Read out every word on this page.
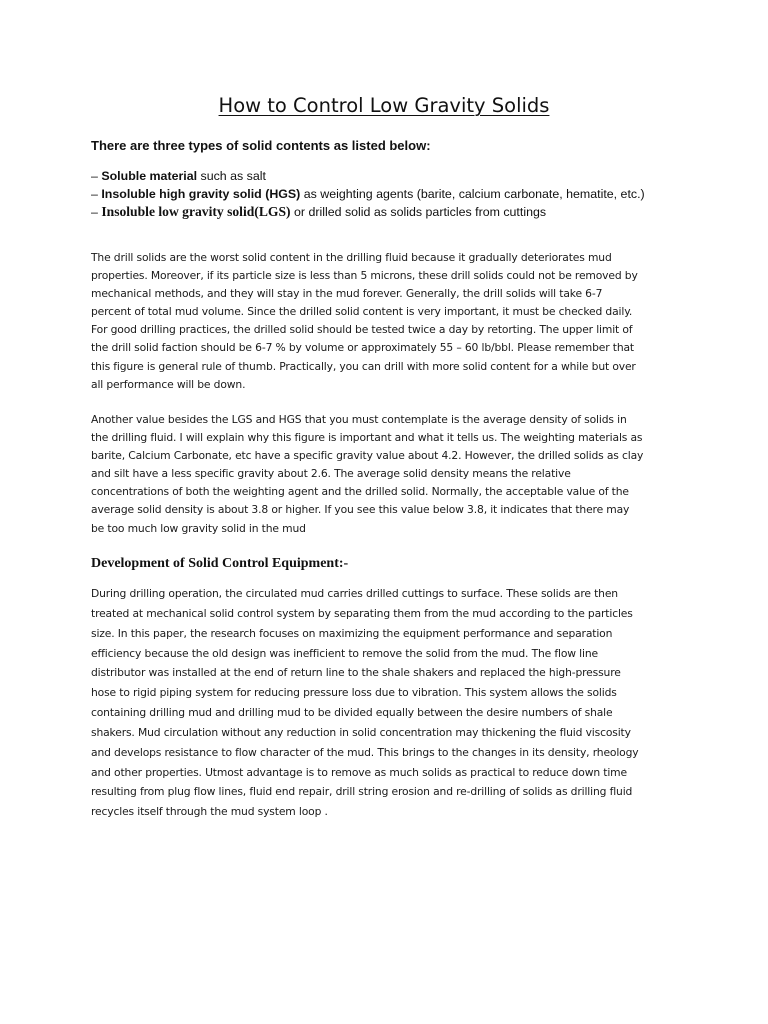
How to Control Low Gravity Solids
There are three types of solid contents as listed below:
– Soluble material such as salt
– Insoluble high gravity solid (HGS) as weighting agents (barite, calcium carbonate, hematite, etc.)
– Insoluble low gravity solid(LGS) or drilled solid as solids particles from cuttings
The drill solids are the worst solid content in the drilling fluid because it gradually deteriorates mud
properties. Moreover, if its particle size is less than 5 microns, these drill solids could not be removed by
mechanical methods, and they will stay in the mud forever. Generally, the drill solids will take 6-7
percent of total mud volume. Since the drilled solid content is very important, it must be checked daily.
For good drilling practices, the drilled solid should be tested twice a day by retorting. The upper limit of
the drill solid faction should be 6-7 % by volume or approximately 55 – 60 lb/bbl. Please remember that
this figure is general rule of thumb. Practically, you can drill with more solid content for a while but over
all performance will be down.
Another value besides the LGS and HGS that you must contemplate is the average density of solids in
the drilling fluid. I will explain why this figure is important and what it tells us. The weighting materials as
barite, Calcium Carbonate, etc have a specific gravity value about 4.2. However, the drilled solids as clay
and silt have a less specific gravity about 2.6. The average solid density means the relative
concentrations of both the weighting agent and the drilled solid. Normally, the acceptable value of the
average solid density is about 3.8 or higher. If you see this value below 3.8, it indicates that there may
be too much low gravity solid in the mud
Development of Solid Control Equipment:-
During drilling operation, the circulated mud carries drilled cuttings to surface. These solids are then
treated at mechanical solid control system by separating them from the mud according to the particles
size. In this paper, the research focuses on maximizing the equipment performance and separation
efficiency because the old design was inefficient to remove the solid from the mud. The flow line
distributor was installed at the end of return line to the shale shakers and replaced the high-pressure
hose to rigid piping system for reducing pressure loss due to vibration. This system allows the solids
containing drilling mud and drilling mud to be divided equally between the desire numbers of shale
shakers. Mud circulation without any reduction in solid concentration may thickening the fluid viscosity
and develops resistance to flow character of the mud. This brings to the changes in its density, rheology
and other properties. Utmost advantage is to remove as much solids as practical to reduce down time
resulting from plug flow lines, fluid end repair, drill string erosion and re-drilling of solids as drilling fluid
recycles itself through the mud system loop .
